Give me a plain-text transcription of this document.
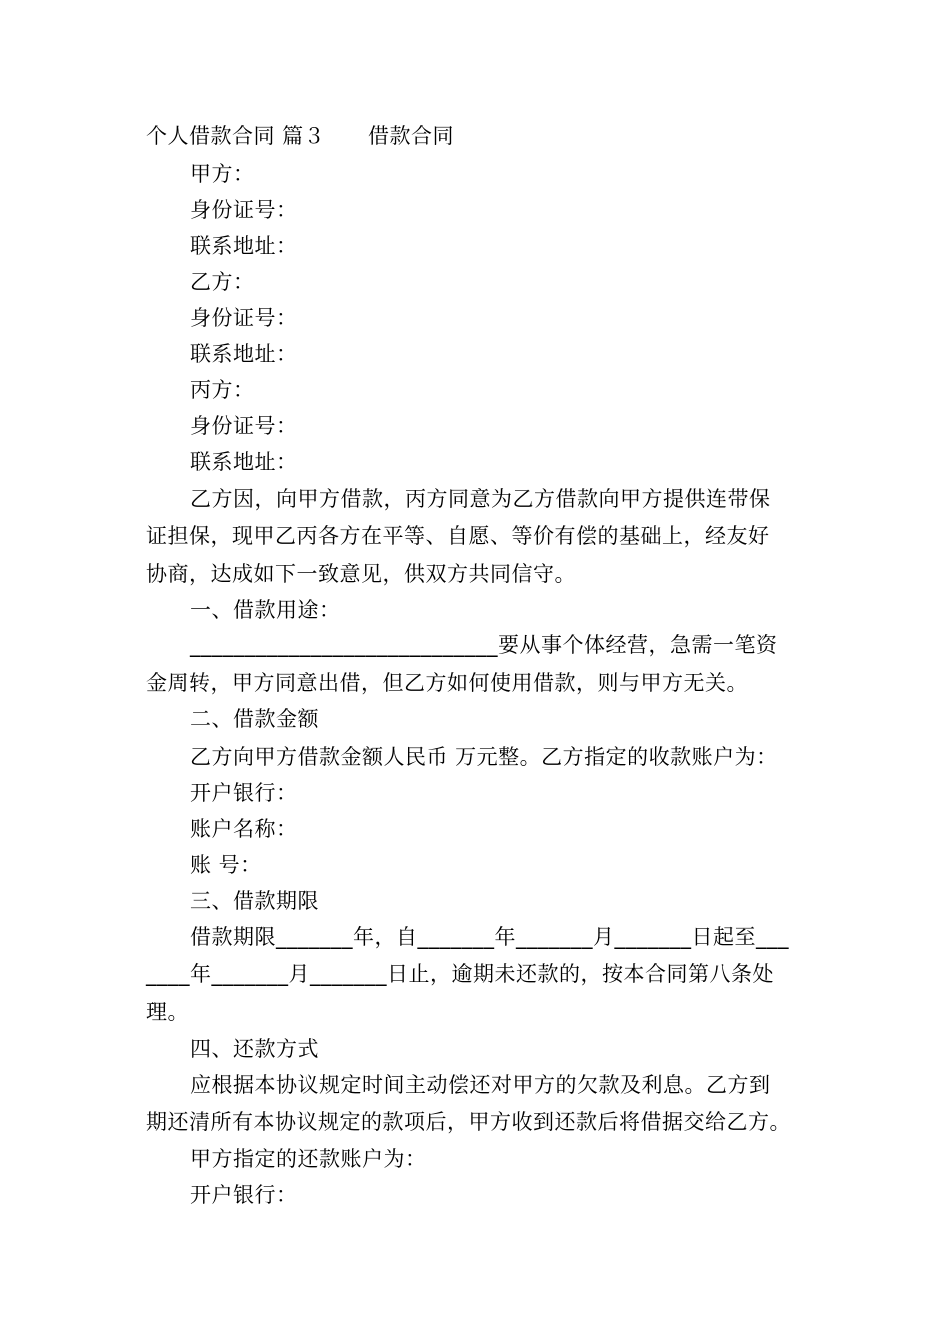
个人借款合同 篇３ 借款合同
甲方：
身份证号：
联系地址：
乙方：
身份证号：
联系地址：
丙方：
身份证号：
联系地址：
乙方因，向甲方借款，丙方同意为乙方借款向甲方提供连带保
证担保，现甲乙丙各方在平等、自愿、等价有偿的基础上，经友好
协商，达成如下一致意见，供双方共同信守。
一、借款用途：
____________________________要从事个体经营，急需一笔资
金周转，甲方同意出借，但乙方如何使用借款，则与甲方无关。
二、借款金额
乙方向甲方借款金额人民币 万元整。乙方指定的收款账户为：
开户银行：
账户名称：
账 号：
三、借款期限
借款期限_______年，自_______年_______月_______日起至___
____年_______月_______日止，逾期未还款的，按本合同第八条处
理。
四、还款方式
应根据本协议规定时间主动偿还对甲方的欠款及利息。乙方到
期还清所有本协议规定的款项后，甲方收到还款后将借据交给乙方。
甲方指定的还款账户为：
开户银行：
